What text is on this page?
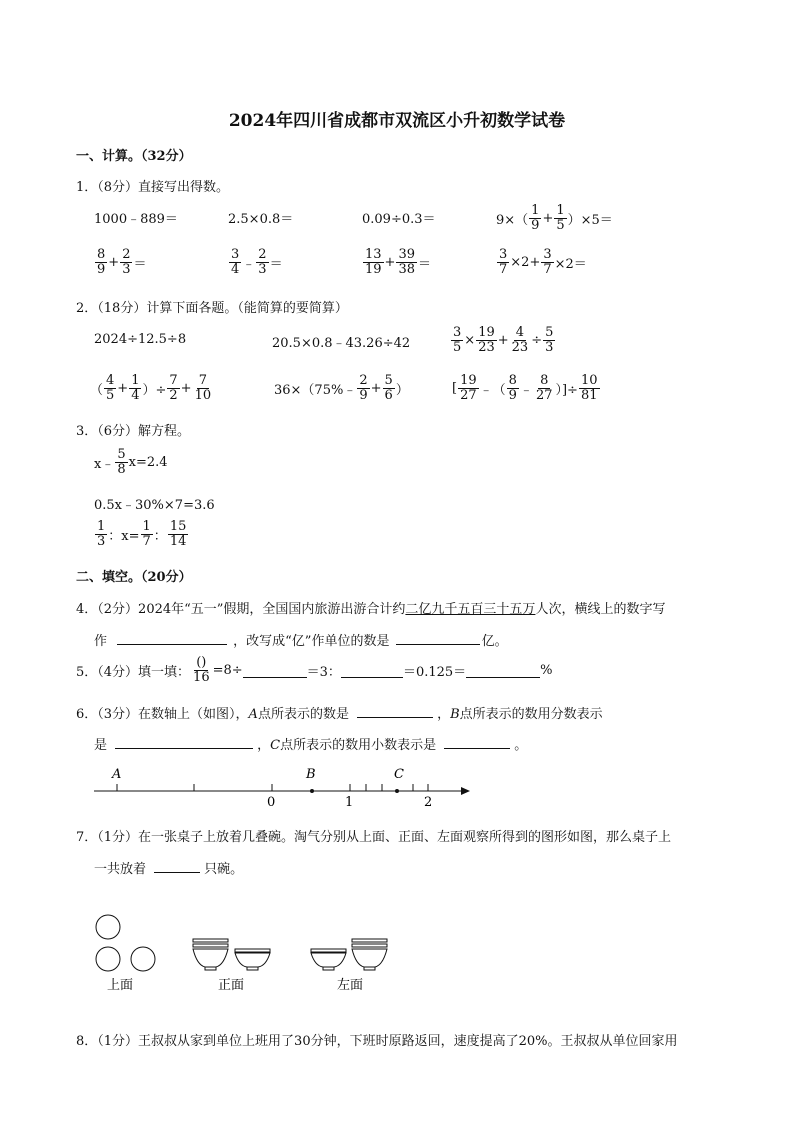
2024年四川省成都市双流区小升初数学试卷
一、计算。（32分）
1．（8分）直接写出得数。
1000﹣889＝	2.5×0.8＝	0.09÷0.3＝	$9\times( \frac{1}{9} + \frac{1}{5} )\times 5=$
$\frac{8}{9} + \frac{2}{3}$ ＝	$\frac{3}{4}$ ﹣ $\frac{2}{3}$ ＝	$\frac{13}{19} + \frac{39}{38}$ ＝	$\frac{3}{7} \times 2+ \frac{3}{7} \times 2=$
2．（18分）计算下面各题。（能简算的要简算）
2024÷12.5÷8	20.5×0.8﹣43.26÷42	$\frac{3}{5} \times \frac{19}{23} + \frac{4}{23} \div \frac{5}{3}$
（ $\frac{4}{5} + \frac{1}{4}$ ）÷ $\frac{7}{2} + \frac{7}{10}$	36×（75%﹣ $\frac{2}{9} + \frac{5}{6}$ ）	[ $\frac{19}{27}$ ﹣（ $\frac{8}{9}$ ﹣ $\frac{8}{27}$ ）]÷ $\frac{10}{81}$
3．（6分）解方程。
x﹣ $\frac{5}{8} x=2.4$
0.5x﹣30%×7=3.6
$\frac{1}{3}$ ：$x= \frac{1}{7}$ ： $\frac{15}{14}$
二、填空。（20分）
4．（2分）2024年“五一”假期，全国国内旅游出游合计约二亿九千五百三十五万人次，横线上的数字写
作	，改写成“亿”作单位的数是	亿。
5．（4分）填一填： $\frac{()}{16} =8\div$	＝3：	＝0.125＝	%
6．（3分）在数轴上（如图），A点所表示的数是	，B点所表示的数用分数表示
是	，C点所表示的数用小数表示是	。
A	B	C
0	1	2
7．（1分）在一张桌子上放着几叠碗。淘气分别从上面、正面、左面观察所得到的图形如图，那么桌子上
一共放着	只碗。
上面	正面	左面
8．（1分）王叔叔从家到单位上班用了30分钟，下班时原路返回，速度提高了20%。王叔叔从单位回家用
